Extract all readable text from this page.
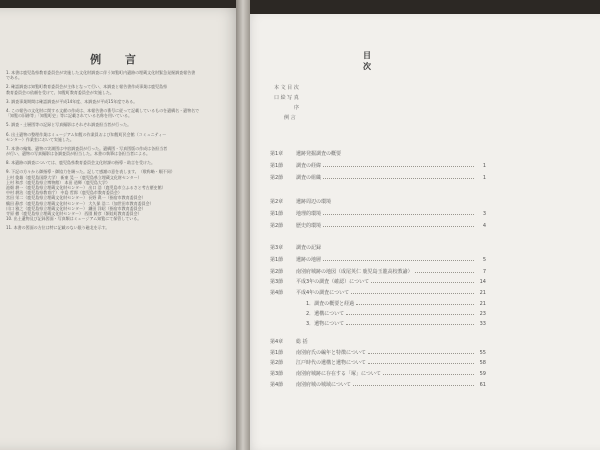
例 言
1. 本書は鹿児島県教育委員会が実施した文化財調査に伴う知覧町内遺跡の埋蔵文化財緊急発掘調査報告書
である。
2. 確認調査は知覧町教育委員会が主体となって行い、本調査と報告書作成事業は鹿児島県
教育委員会の依頼を受けて、知覧町教育委員会が実施した。
3. 調査事業期間は確認調査が平成14年度、本調査が平成15年度である。
4. この報告の文化財に関する文献の作成は、本報告書の番号に従って記載しているものを遺構名・遺物名で
「知覧の旧跡等」「知覧町史」等に記載されている名称を用いている。
5. 調査・土層図等の記録と写真撮影はそれぞれ調査担当者が行った。
6. 出土遺物の整理作業はミュージアム知覧の作業員および知覧町民会館（コミュニティー
センター）作業室において実施した。
7. 本書の編集、遺物の実測図は中宿調査員が行った。遺構図・写真図版の作成は各担当者
が行い、遺物の写真撮影は各調査員が担当した。本書の執筆は各担当者による。
8. 本遺跡の調査については、鹿児島県教育委員会文化財課の指導・助言を受けた。
9. 下記の方々から御指導・御協力を賜った。記して感謝の意を表します。（敬称略・順不同）
上村 俊雄（鹿児島国際大学） 新東 晃一（鹿児島県立埋蔵文化財センター）
上村 和彦（鹿児島県立博物館） 本田 道輝（鹿児島大学）
池畑 耕一（鹿児島県立埋蔵文化財センター） 出口 浩（鹿児島市立ふるさと考古歴史館）
中村 耕治（鹿児島県教育庁） 中島 哲郎（鹿児島市教育委員会）
宮田 栄二（鹿児島県立埋蔵文化財センター） 長野 眞一（指宿市教育委員会）
鶴田 静彦（鹿児島県立埋蔵文化財センター） 大久保 浩二（加世田市教育委員会）
川口 雅之（鹿児島県立埋蔵文化財センター） 鎌田 洋昭（指宿市教育委員会）
寺原 徹（鹿児島県立埋蔵文化財センター） 西園 勝彦（頴娃町教育委員会）
10. 出土遺物及び記録図面・写真類はミュージアム知覧にて保管している。
11. 本書の図面の方位は特に記載のない限り磁北を示す。
目 次
本 文 目 次
口 絵 写 真
序
例 言
第1章	遺跡発掘調査の概要
第1節	調査の経緯	1
第2節	調査の組織	1
第2章	遺跡周辺の環境
第1節	地理的環境	3
第2節	歴史的環境	4
第3章	調査の記録
第1節	遺跡の地層	5
第2節	南別府城跡の地図（成尾英仁 鹿児島玉龍高校教諭）	7
第3節	平成3年の調査（確認）について	14
第4節	平成4年の調査について	21
1．調査の概要と経過	21
2．遺構について	23
3．遺物について	33
第4章	総 括
第1節	南別府氏の編年と特徴について	55
第2節	江戸時代の遺構と遺物について	58
第3節	南別府城跡に存在する「塚」について	59
第4節	南別府城の城域について	61
